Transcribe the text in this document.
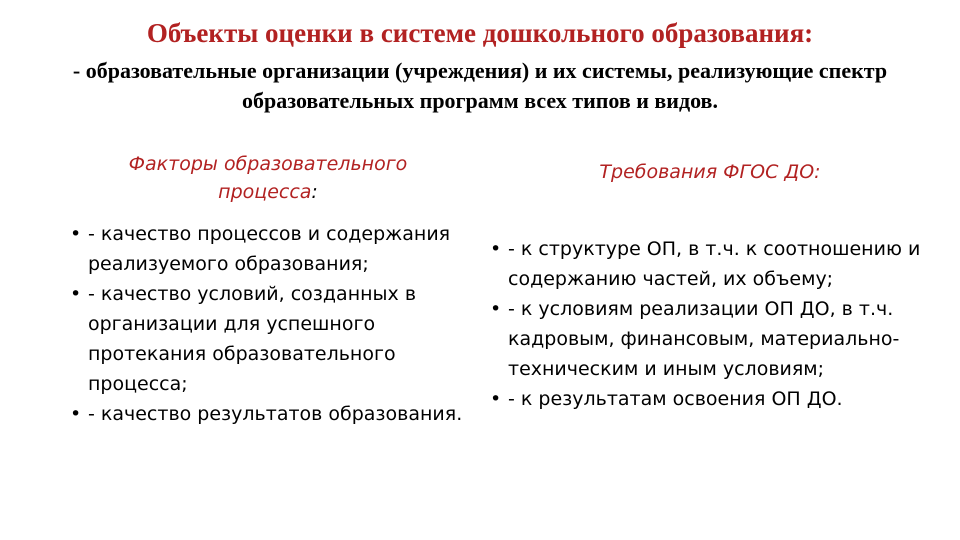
Объекты оценки в системе дошкольного образования:

- образовательные организации (учреждения) и их системы, реализующие спектр образовательных программ всех типов и видов.

Факторы образовательного процесса:
Требования ФГОС ДО:
• - качество процессов и содержания реализуемого образования;
• - качество условий, созданных в организации для успешного протекания образовательного процесса;
• - качество результатов образования.
• - к структуре ОП, в т.ч. к соотношению и содержанию частей, их объему;
• - к условиям реализации ОП ДО, в т.ч. кадровым, финансовым, материально-техническим и иным условиям;
• - к результатам освоения ОП ДО.
